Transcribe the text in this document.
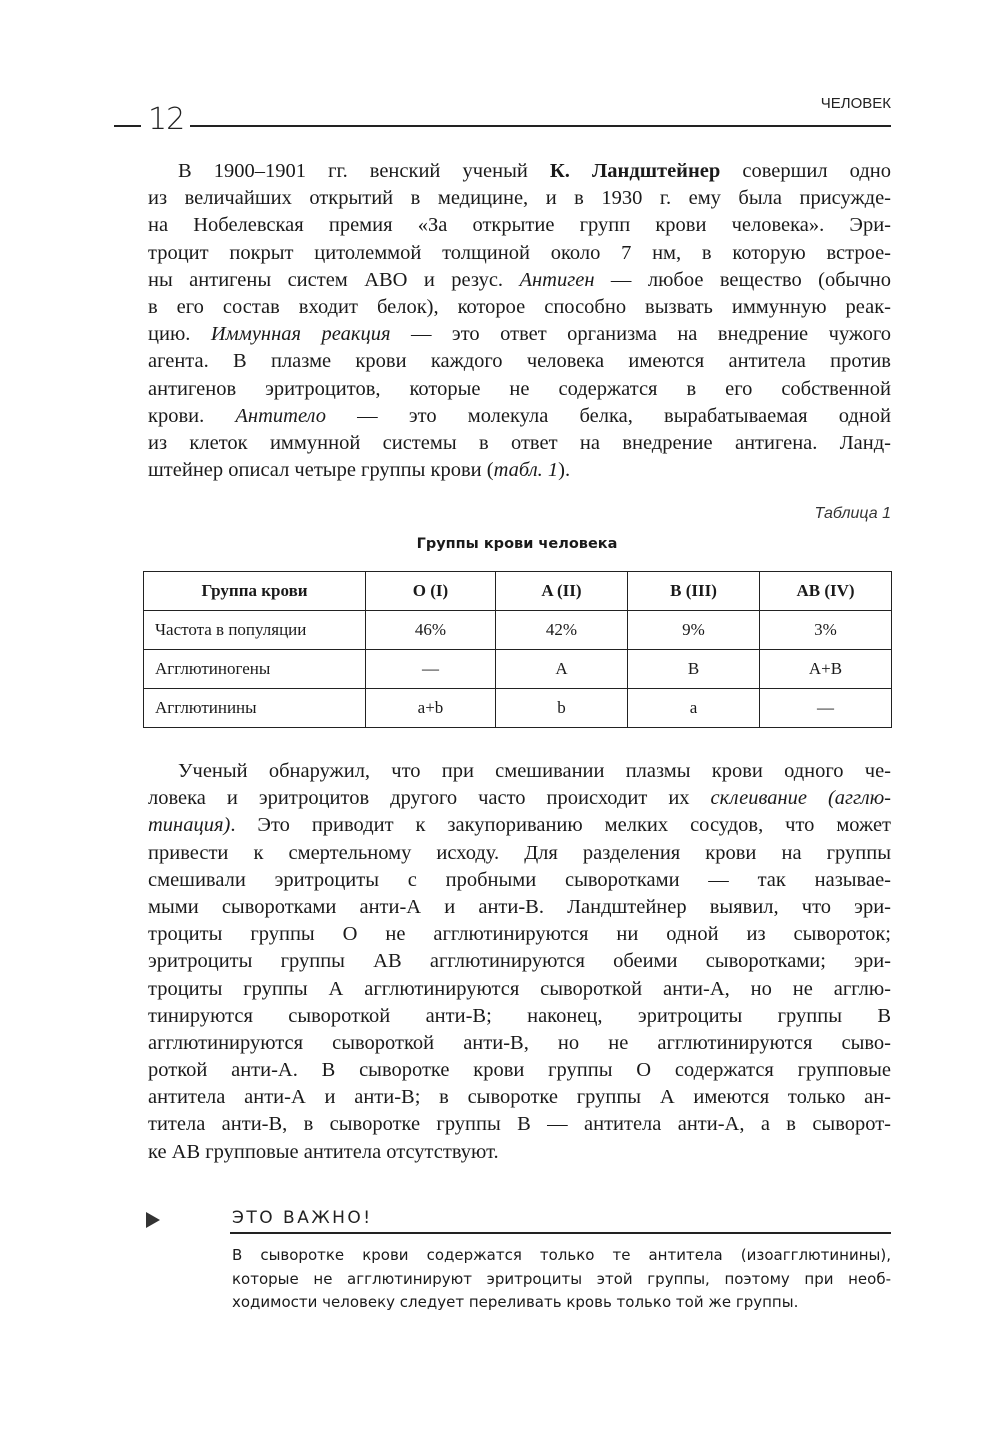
12	ЧЕЛОВЕК
В 1900–1901 гг. венский ученый К. Ландштейнер совершил одно
из величайших открытий в медицине, и в 1930 г. ему была присужде-
на Нобелевская премия «За открытие групп крови человека». Эри-
троцит покрыт цитолеммой толщиной около 7 нм, в которую встрое-
ны антигены систем АВО и резус. Антиген — любое вещество (обычно
в его состав входит белок), которое способно вызвать иммунную реак-
цию. Иммунная реакция — это ответ организма на внедрение чужого
агента. В плазме крови каждого человека имеются антитела против
антигенов эритроцитов, которые не содержатся в его собственной
крови. Антитело — это молекула белка, вырабатываемая одной
из клеток иммунной системы в ответ на внедрение антигена. Ланд-
штейнер описал четыре группы крови (табл. 1).
Таблица 1
Группы крови человека
Группа крови	O (I)	A (II)	B (III)	AB (IV)
Частота в популяции	46%	42%	9%	3%
Агглютиногены	—	A	B	A+B
Агглютинины	a+b	b	a	—
Ученый обнаружил, что при смешивании плазмы крови одного че-
ловека и эритроцитов другого часто происходит их склеивание (агглю-
тинация). Это приводит к закупориванию мелких сосудов, что может
привести к смертельному исходу. Для разделения крови на группы
смешивали эритроциты с пробными сыворотками — так называе-
мыми сыворотками анти-А и анти-В. Ландштейнер выявил, что эри-
троциты группы О не агглютинируются ни одной из сывороток;
эритроциты группы АВ агглютинируются обеими сыворотками; эри-
троциты группы А агглютинируются сывороткой анти-А, но не агглю-
тинируются сывороткой анти-В; наконец, эритроциты группы В
агглютинируются сывороткой анти-В, но не агглютинируются сыво-
роткой анти-А. В сыворотке крови группы О содержатся групповые
антитела анти-А и анти-В; в сыворотке группы А имеются только ан-
титела анти-В, в сыворотке группы В — антитела анти-А, а в сыворот-
ке АВ групповые антитела отсутствуют.
ЭТО ВАЖНО!
В сыворотке крови содержатся только те антитела (изоагглютинины),
которые не агглютинируют эритроциты этой группы, поэтому при необ-
ходимости человеку следует переливать кровь только той же группы.
